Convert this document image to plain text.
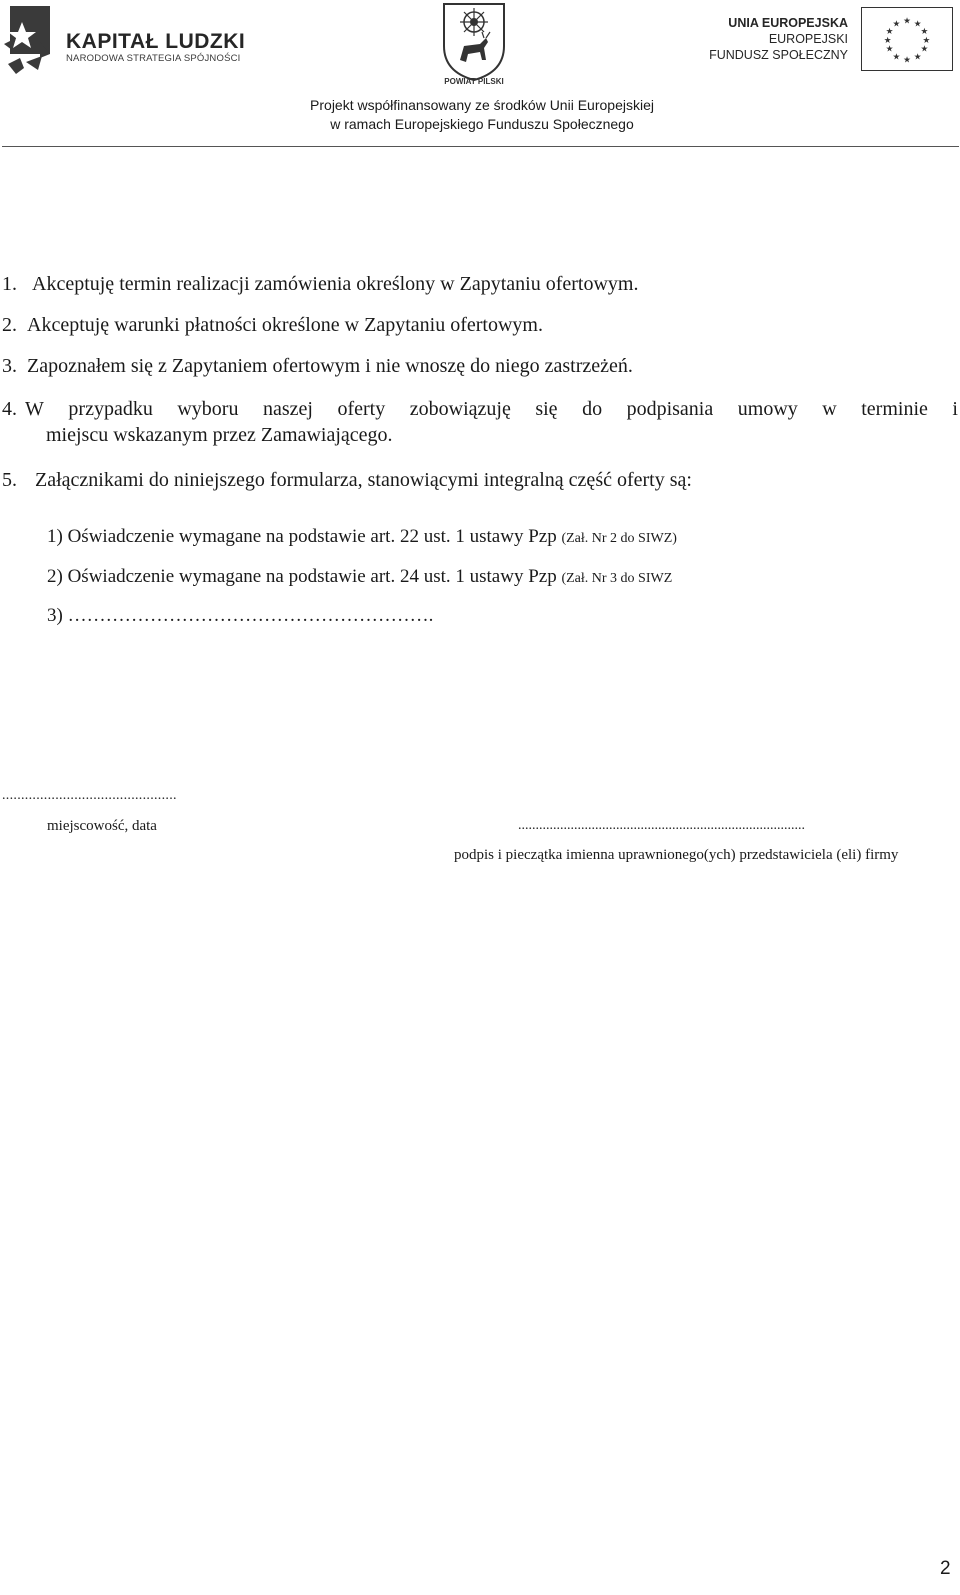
KAPITAŁ LUDZKI
NARODOWA STRATEGIA SPÓJNOŚCI
POWIAT PILSKI
UNIA EUROPEJSKA
EUROPEJSKI
FUNDUSZ SPOŁECZNY
★ ★
★
★
★
★
★
★
★
★
★
★
Projekt współfinansowany ze środków Unii Europejskiej
w ramach Europejskiego Funduszu Społecznego
1. Akceptuję termin realizacji zamówienia określony w Zapytaniu ofertowym.
2. Akceptuję warunki płatności określone w Zapytaniu ofertowym.
3. Zapoznałem się z Zapytaniem ofertowym i nie wnoszę do niego zastrzeżeń.
4. W przypadku wyboru naszej oferty zobowiązuję się do podpisania umowy w terminie i
miejscu wskazanym przez Zamawiającego.
5. Załącznikami do niniejszego formularza, stanowiącymi integralną część oferty są:
1) Oświadczenie wymagane na podstawie art. 22 ust. 1 ustawy Pzp (Zał. Nr 2 do SIWZ)
2) Oświadczenie wymagane na podstawie art. 24 ust. 1 ustawy Pzp (Zał. Nr 3 do SIWZ
3) ………………………………………………….
..............................................
miejscowość, data	..................................................................................
podpis i pieczątka imienna uprawnionego(ych) przedstawiciela (eli) firmy
2
